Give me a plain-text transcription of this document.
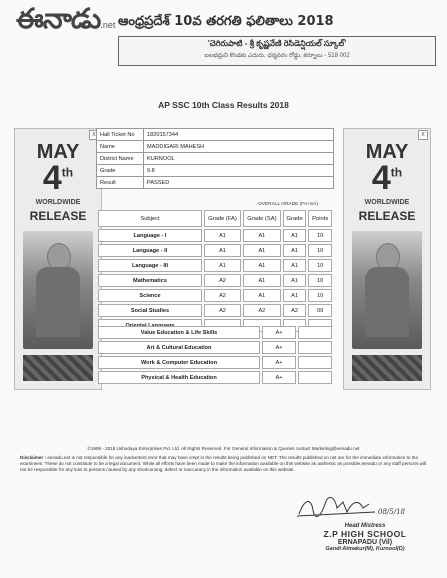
ఈనాడు.net ఆంధ్రప్రదేశ్ 10వ తరగతి ఫలితాలు 2018
'చెగిరుపాటి - శ్రీ కృష్ణవేణి రెసిడెన్షియల్ స్కూల్'
బలభద్రుని కొండకు ఎదురు, ధర్మవరం రోడ్డు, కర్నూలు - 518 002
AP SSC 10th Class Results 2018
x
MAY
4th
WORLDWIDE
RELEASE
x
MAY
4th
WORLDWIDE
RELEASE
Hall Ticket No	1820157344
Name	MADDIGARI MAHESH
District Name	KURNOOL
Grade	9.8
Result	PASSED
OVERALL GRADE (FA+SA)
Subject	Grade (FA)	Grade (SA)	Grade	Points
Language - I	A1	A1	A1	10
Language - II	A1	A1	A1	10
Language - III	A1	A1	A1	10
Mathematics	A2	A1	A1	10
Science	A2	A1	A1	10
Social Studies	A2	A2	A2	09

Value Education & Life Skills	A+	
Art & Cultural Education	A+	
Work & Computer Education	A+	
Physical & Health Education	A+	
©1999 - 2018 Ushodaya Enterprises Pvt. Ltd. All Rights Reserved. For General Information & Queries contact Marketing@eenadu.net
Disclaimer : eenadu.net is not responsible for any inadvertent error that may have crept in the results being published on NET. The results published on net are for the immediate information to the examinees. These do not constitute to be a legal document. While all efforts have been made to make the information available on this website as authentic as possible,eenadu or any staff persons will not be responsible for any loss to persons caused by any shortcoming, defect or inaccuracy in the information available on this website.
08/5/18
Head Mistress
Z.P HIGH SCHOOL
ERNAPADU (Vil)
Gandi Atmakur(M), Kurnool(D)
